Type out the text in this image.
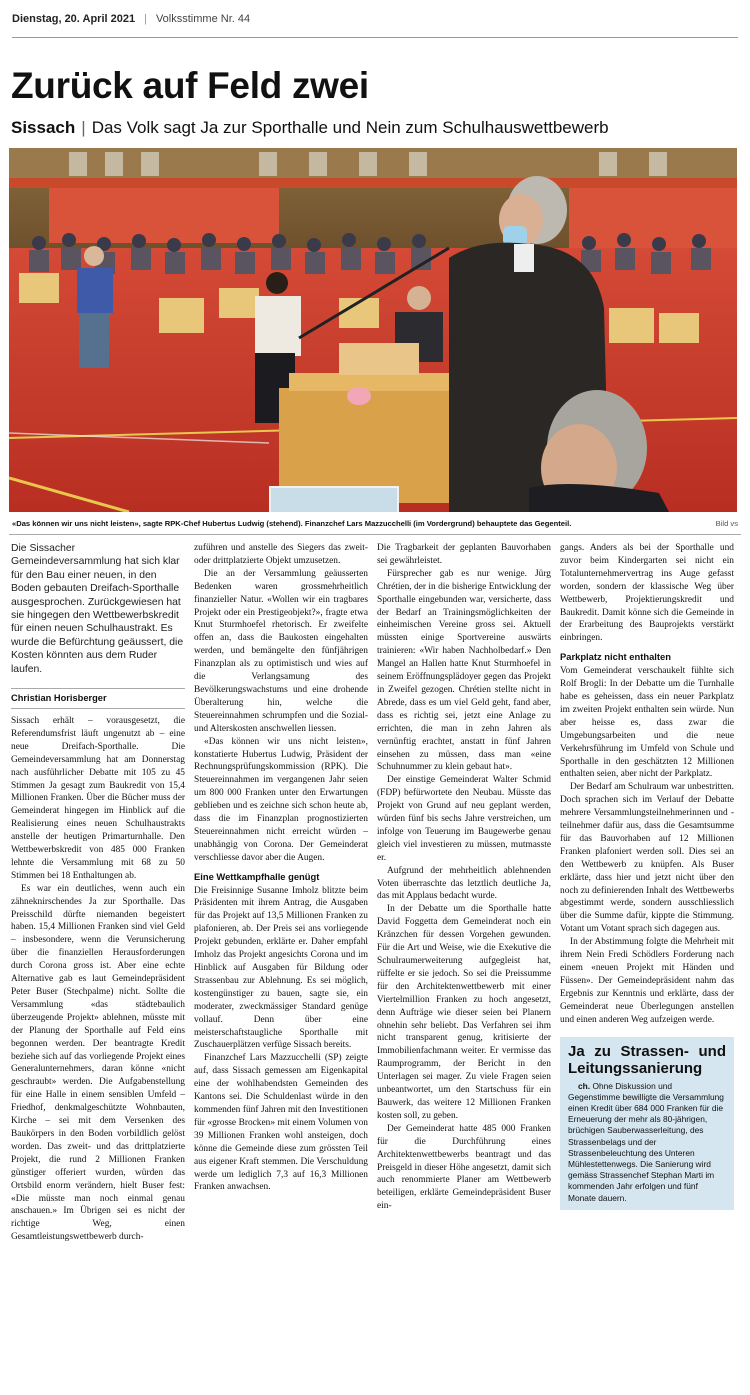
Dienstag, 20. April 2021 | Volksstimme Nr. 44
Zurück auf Feld zwei
Sissach | Das Volk sagt Ja zur Sporthalle und Nein zum Schulhauswettbewerb
«Das können wir uns nicht leisten», sagte RPK-Chef Hubertus Ludwig (stehend). Finanzchef Lars Mazzucchelli (im Vordergrund) behauptete das Gegenteil.	Bild vs

Die Sissacher Gemeindeversammlung hat sich klar für den Bau einer neuen, in den Boden gebauten Dreifach-Sporthalle ausgesprochen. Zurückgewiesen hat sie hingegen den Wettbewerbskredit für einen neuen Schulhaustrakt. Es wurde die Befürchtung geäussert, die Kosten könnten aus dem Ruder laufen.

Christian Horisberger

Sissach erhält – vorausgesetzt, die Referendumsfrist läuft ungenutzt ab – eine neue Dreifach-Sporthalle. Die Gemeindeversammlung hat am Donnerstag nach ausführlicher Debatte mit 105 zu 45 Stimmen Ja gesagt zum Baukredit von 15,4 Millionen Franken. Über die Bücher muss der Gemeinderat hingegen im Hinblick auf die Realisierung eines neuen Schulhaustrakts anstelle der heutigen Primarturnhalle. Den Wettbewerbskredit von 485 000 Franken lehnte die Versammlung mit 68 zu 50 Stimmen bei 18 Enthaltungen ab.

Es war ein deutliches, wenn auch ein zähneknirschendes Ja zur Sporthalle. Das Preisschild dürfte niemanden begeistert haben. 15,4 Millionen Franken sind viel Geld – insbesondere, wenn die Verunsicherung über die finanziellen Herausforderungen durch Corona gross ist. Aber eine echte Alternative gab es laut Gemeindepräsident Peter Buser (Stechpalme) nicht. Sollte die Versammlung «das städtebaulich überzeugende Projekt» ablehnen, müsste mit der Planung der Sporthalle auf Feld eins begonnen werden. Der beantragte Kredit beziehe sich auf das vorliegende Projekt eines Generalunternehmers, daran könne «nicht geschraubt» werden. Die Aufgabenstellung für eine Halle in einem sensiblen Umfeld – Friedhof, denkmalgeschützte Wohnbauten, Kirche – sei mit dem Versenken des Baukörpers in den Boden vorbildlich gelöst worden. Das zweit- und das drittplatzierte Projekt, die rund 2 Millionen Franken günstiger offeriert wurden, würden das Ortsbild enorm verändern, hielt Buser fest: «Die müsste man noch einmal genau anschauen.» Im Übrigen sei es nicht der richtige Weg, einen Gesamtleistungswettbewerb durch-

zuführen und anstelle des Siegers das zweit- oder drittplatzierte Objekt umzusetzen.

Die an der Versammlung geäusserten Bedenken waren grossmehrheitlich finanzieller Natur. «Wollen wir ein tragbares Projekt oder ein Prestigeobjekt?», fragte etwa Knut Sturmhoefel rhetorisch. Er zweifelte offen an, dass die Baukosten eingehalten werden, und bemängelte den fünfjährigen Finanzplan als zu optimistisch und wies auf die Verlangsamung des Bevölkerungswachstums und eine drohende Überalterung hin, welche die Steuereinnahmen schrumpfen und die Sozial- und Alterskosten anschwellen liessen.

«Das können wir uns nicht leisten», konstatierte Hubertus Ludwig, Präsident der Rechnungsprüfungskommission (RPK). Die Steuereinnahmen im vergangenen Jahr seien um 800 000 Franken unter den Erwartungen geblieben und es zeichne sich schon heute ab, dass die im Finanzplan prognostizierten Steuereinnahmen nicht erreicht würden – unabhängig von Corona. Der Gemeinderat verschliesse davor aber die Augen.

Eine Wettkampfhalle genügt

Die Freisinnige Susanne Imholz blitzte beim Präsidenten mit ihrem Antrag, die Ausgaben für das Projekt auf 13,5 Millionen Franken zu plafonieren, ab. Der Preis sei ans vorliegende Projekt gebunden, erklärte er. Daher empfahl Imholz das Projekt angesichts Corona und im Hinblick auf Ausgaben für Bildung oder Strassenbau zur Ablehnung. Es sei möglich, kostengünstiger zu bauen, sagte sie, ein moderater, zweckmässiger Standard genüge vollauf. Denn über eine meisterschaftstaugliche Sporthalle mit Zuschauerplätzen verfüge Sissach bereits.

Finanzchef Lars Mazzucchelli (SP) zeigte auf, dass Sissach gemessen am Eigenkapital eine der wohlhabendsten Gemeinden des Kantons sei. Die Schuldenlast würde in den kommenden fünf Jahren mit den Investitionen für «grosse Brocken» mit einem Volumen von 39 Millionen Franken wohl ansteigen, doch könne die Gemeinde diese zum grössten Teil aus eigener Kraft stemmen. Die Verschuldung werde um lediglich 7,3 auf 16,3 Millionen Franken anwachsen.

Die Tragbarkeit der geplanten Bauvorhaben sei gewährleistet.

Fürsprecher gab es nur wenige. Jürg Chrétien, der in die bisherige Entwicklung der Sporthalle eingebunden war, versicherte, dass der Bedarf an Trainingsmöglichkeiten der einheimischen Vereine gross sei. Aktuell müssten einige Sportvereine auswärts trainieren: «Wir haben Nachholbedarf.» Den Mangel an Hallen hatte Knut Sturmhoefel in seinem Eröffnungsplädoyer gegen das Projekt in Zweifel gezogen. Chrétien stellte nicht in Abrede, dass es um viel Geld geht, fand aber, dass es richtig sei, jetzt eine Anlage zu errichten, die man in zehn Jahren als vernünftig erachtet, anstatt in fünf Jahren einsehen zu müssen, dass man «eine Schuhnummer zu klein gebaut hat».

Der einstige Gemeinderat Walter Schmid (FDP) befürwortete den Neubau. Müsste das Projekt von Grund auf neu geplant werden, würden fünf bis sechs Jahre verstreichen, um infolge von Teuerung im Baugewerbe genau gleich viel investieren zu müssen, mutmasste er.

Aufgrund der mehrheitlich ablehnenden Voten überraschte das letztlich deutliche Ja, das mit Applaus bedacht wurde.

In der Debatte um die Sporthalle hatte David Foggetta dem Gemeinderat noch ein Kränzchen für dessen Vorgehen gewunden. Für die Art und Weise, wie die Exekutive die Schulraumerweiterung aufgegleist hat, rüffelte er sie jedoch. So sei die Preissumme für den Architektenwettbewerb mit einer Viertelmillion Franken zu hoch angesetzt, denn Aufträge wie dieser seien bei Planern ohnehin sehr beliebt. Das Verfahren sei ihm nicht transparent genug, kritisierte der Immobilienfachmann weiter. Er vermisse das Raumprogramm, der Bericht in den Unterlagen sei mager. Zu viele Fragen seien unbeantwortet, um den Startschuss für ein Bauwerk, das weitere 12 Millionen Franken kosten soll, zu geben.

Der Gemeinderat hatte 485 000 Franken für die Durchführung eines Architektenwettbewerbs beantragt und das Preisgeld in dieser Höhe angesetzt, damit sich auch renommierte Planer am Wettbewerb beteiligen, erklärte Gemeindepräsident Buser ein-

gangs. Anders als bei der Sporthalle und zuvor beim Kindergarten sei nicht ein Totalunternehmervertrag ins Auge gefasst worden, sondern der klassische Weg über Wettbewerb, Projektierungskredit und Baukredit. Damit könne sich die Gemeinde in der Erarbeitung des Bauprojekts verstärkt einbringen.

Parkplatz nicht enthalten

Vom Gemeinderat verschaukelt fühlte sich Rolf Brogli: In der Debatte um die Turnhalle habe es geheissen, dass ein neuer Parkplatz im zweiten Projekt enthalten sein würde. Nun aber heisse es, dass zwar die Umgebungsarbeiten und die neue Verkehrsführung im Umfeld von Schule und Sporthalle in den geschätzten 12 Millionen enthalten seien, aber nicht der Parkplatz.

Der Bedarf am Schulraum war unbestritten. Doch sprachen sich im Verlauf der Debatte mehrere Versammlungsteilnehmerinnen und -teilnehmer dafür aus, dass die Gesamtsumme für das Bauvorhaben auf 12 Millionen Franken plafoniert werden soll. Dies sei an den Wettbewerb zu knüpfen. Als Buser erklärte, dass hier und jetzt nicht über den noch zu definierenden Inhalt des Wettbewerbs abgestimmt werde, sondern ausschliesslich über die Summe dafür, kippte die Stimmung. Votant um Votant sprach sich dagegen aus.

In der Abstimmung folgte die Mehrheit mit ihrem Nein Fredi Schödlers Forderung nach einem «neuen Projekt mit Händen und Füssen». Der Gemeindepräsident nahm das Ergebnis zur Kenntnis und erklärte, dass der Gemeinderat neue Überlegungen anstellen und einen anderen Weg aufzeigen werde.

Ja zu Strassen- und Leitungssanierung

ch. Ohne Diskussion und Gegenstimme bewilligte die Versammlung einen Kredit über 684 000 Franken für die Erneuerung der mehr als 80-jährigen, brüchigen Sauberwasserleitung, des Strassenbelags und der Strassenbeleuchtung des Unteren Mühlestettenwegs. Die Sanierung wird gemäss Strassenchef Stephan Marti im kommenden Jahr erfolgen und fünf Monate dauern.
